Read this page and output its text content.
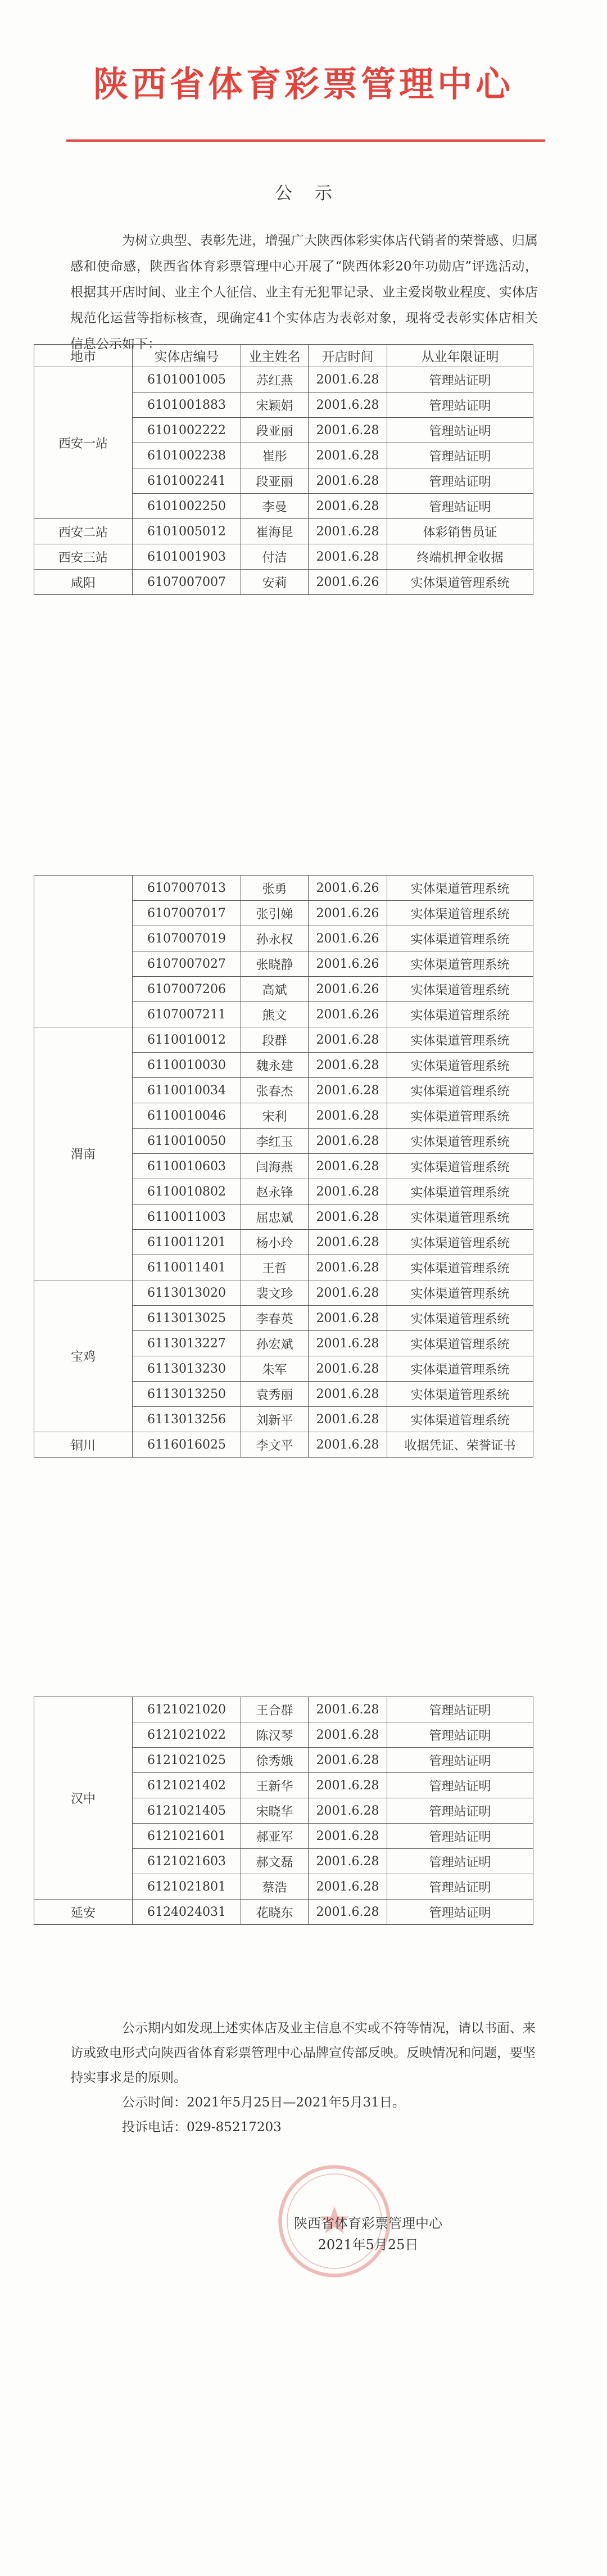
陕西省体育彩票管理中心
公示
为树立典型、表彰先进，增强广大陕西体彩实体店代销者的荣誉感、归属感和使命感，陕西省体育彩票管理中心开展了“陕西体彩20年功勋店”评选活动，根据其开店时间、业主个人征信、业主有无犯罪记录、业主爱岗敬业程度、实体店规范化运营等指标核查，现确定41个实体店为表彰对象，现将受表彰实体店相关信息公示如下：
地市	实体店编号	业主姓名	开店时间	从业年限证明
西安一站	6101001005	苏红燕	2001.6.28	管理站证明
	6101001883	宋颖娟	2001.6.28	管理站证明
	6101002222	段亚丽	2001.6.28	管理站证明
	6101002238	崔彤	2001.6.28	管理站证明
	6101002241	段亚丽	2001.6.28	管理站证明
	6101002250	李曼	2001.6.28	管理站证明
西安二站	6101005012	崔海昆	2001.6.28	体彩销售员证
西安三站	6101001903	付洁	2001.6.28	终端机押金收据
咸阳	6107007007	安莉	2001.6.26	实体渠道管理系统
	6107007013	张勇	2001.6.26	实体渠道管理系统
	6107007017	张引娣	2001.6.26	实体渠道管理系统
	6107007019	孙永权	2001.6.26	实体渠道管理系统
	6107007027	张晓静	2001.6.26	实体渠道管理系统
	6107007206	高斌	2001.6.26	实体渠道管理系统
	6107007211	熊文	2001.6.26	实体渠道管理系统
渭南	6110010012	段群	2001.6.28	实体渠道管理系统
	6110010030	魏永建	2001.6.28	实体渠道管理系统
	6110010034	张春杰	2001.6.28	实体渠道管理系统
	6110010046	宋利	2001.6.28	实体渠道管理系统
	6110010050	李红玉	2001.6.28	实体渠道管理系统
	6110010603	闫海燕	2001.6.28	实体渠道管理系统
	6110010802	赵永锋	2001.6.28	实体渠道管理系统
	6110011003	屈忠斌	2001.6.28	实体渠道管理系统
	6110011201	杨小玲	2001.6.28	实体渠道管理系统
	6110011401	王哲	2001.6.28	实体渠道管理系统
宝鸡	6113013020	裴文珍	2001.6.28	实体渠道管理系统
	6113013025	李春英	2001.6.28	实体渠道管理系统
	6113013227	孙宏斌	2001.6.28	实体渠道管理系统
	6113013230	朱军	2001.6.28	实体渠道管理系统
	6113013250	袁秀丽	2001.6.28	实体渠道管理系统
	6113013256	刘新平	2001.6.28	实体渠道管理系统
铜川	6116016025	李文平	2001.6.28	收据凭证、荣誉证书
汉中	6121021020	王合群	2001.6.28	管理站证明
	6121021022	陈汉琴	2001.6.28	管理站证明
	6121021025	徐秀娥	2001.6.28	管理站证明
	6121021402	王新华	2001.6.28	管理站证明
	6121021405	宋晓华	2001.6.28	管理站证明
	6121021601	郝亚军	2001.6.28	管理站证明
	6121021603	郝文磊	2001.6.28	管理站证明
	6121021801	蔡浩	2001.6.28	管理站证明
延安	6124024031	花晓东	2001.6.28	管理站证明

公示期内如发现上述实体店及业主信息不实或不符等情况，请以书面、来访或致电形式向陕西省体育彩票管理中心品牌宣传部反映。反映情况和问题，要坚持实事求是的原则。

公示时间：2021年5月25日—2021年5月31日。

投诉电话：029-85217203

陕西省体育彩票管理中心
2021年5月25日
